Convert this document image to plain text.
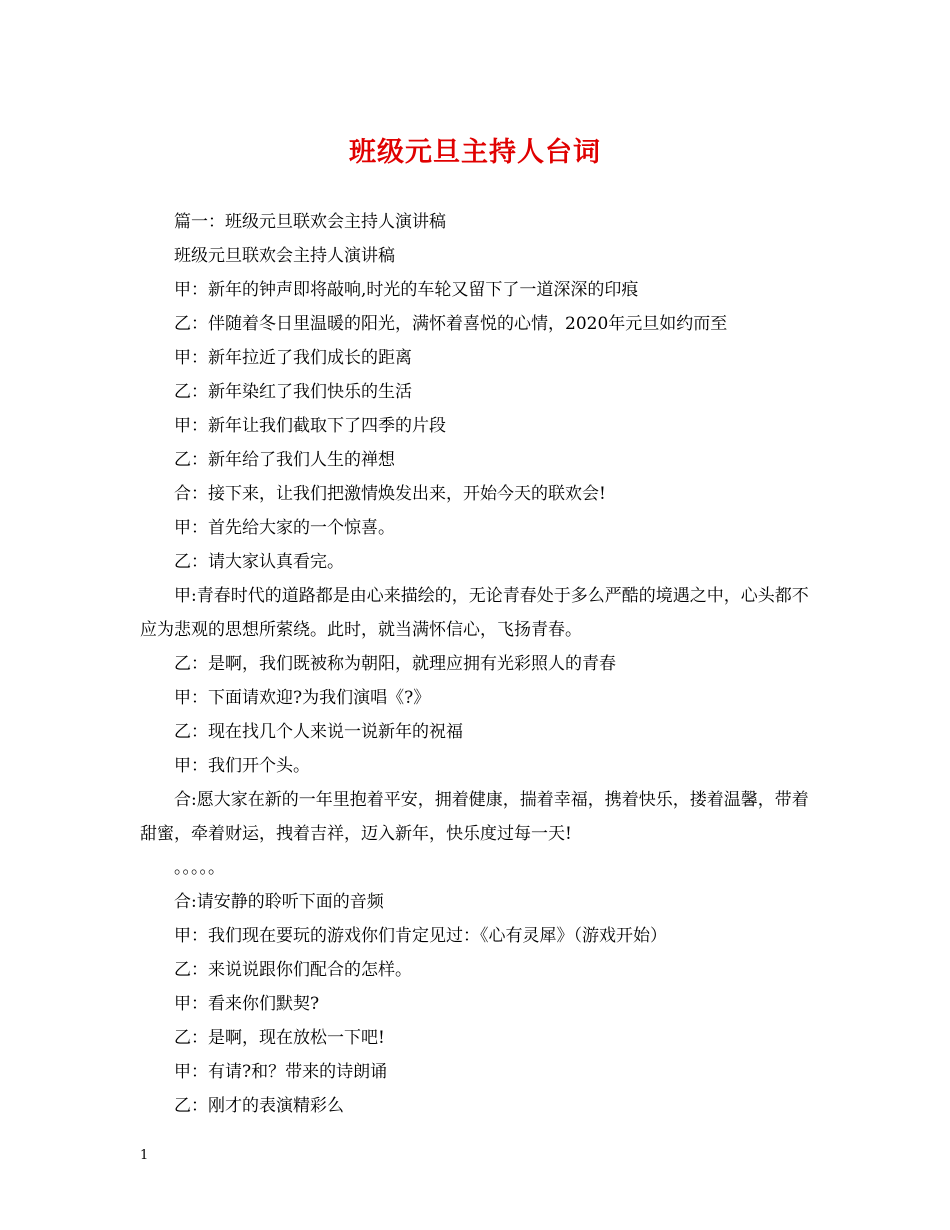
班级元旦主持人台词

篇一：班级元旦联欢会主持人演讲稿

班级元旦联欢会主持人演讲稿

甲：新年的钟声即将敲响,时光的车轮又留下了一道深深的印痕

乙：伴随着冬日里温暖的阳光，满怀着喜悦的心情，2020年元旦如约而至

甲：新年拉近了我们成长的距离

乙：新年染红了我们快乐的生活

甲：新年让我们截取下了四季的片段

乙：新年给了我们人生的禅想

合：接下来，让我们把激情焕发出来，开始今天的联欢会!

甲：首先给大家的一个惊喜。

乙：请大家认真看完。

甲:青春时代的道路都是由心来描绘的，无论青春处于多么严酷的境遇之中，心头都不应为悲观的思想所萦绕。此时，就当满怀信心，飞扬青春。

乙：是啊，我们既被称为朝阳，就理应拥有光彩照人的青春

甲：下面请欢迎?为我们演唱《?》

乙：现在找几个人来说一说新年的祝福

甲：我们开个头。

合:愿大家在新的一年里抱着平安，拥着健康，揣着幸福，携着快乐，搂着温馨，带着甜蜜，牵着财运，拽着吉祥，迈入新年，快乐度过每一天!

。。。。。

合:请安静的聆听下面的音频

甲：我们现在要玩的游戏你们肯定见过：《心有灵犀》（游戏开始）

乙：来说说跟你们配合的怎样。

甲：看来你们默契?

乙：是啊，现在放松一下吧!

甲：有请?和？带来的诗朗诵

乙：刚才的表演精彩么

1
